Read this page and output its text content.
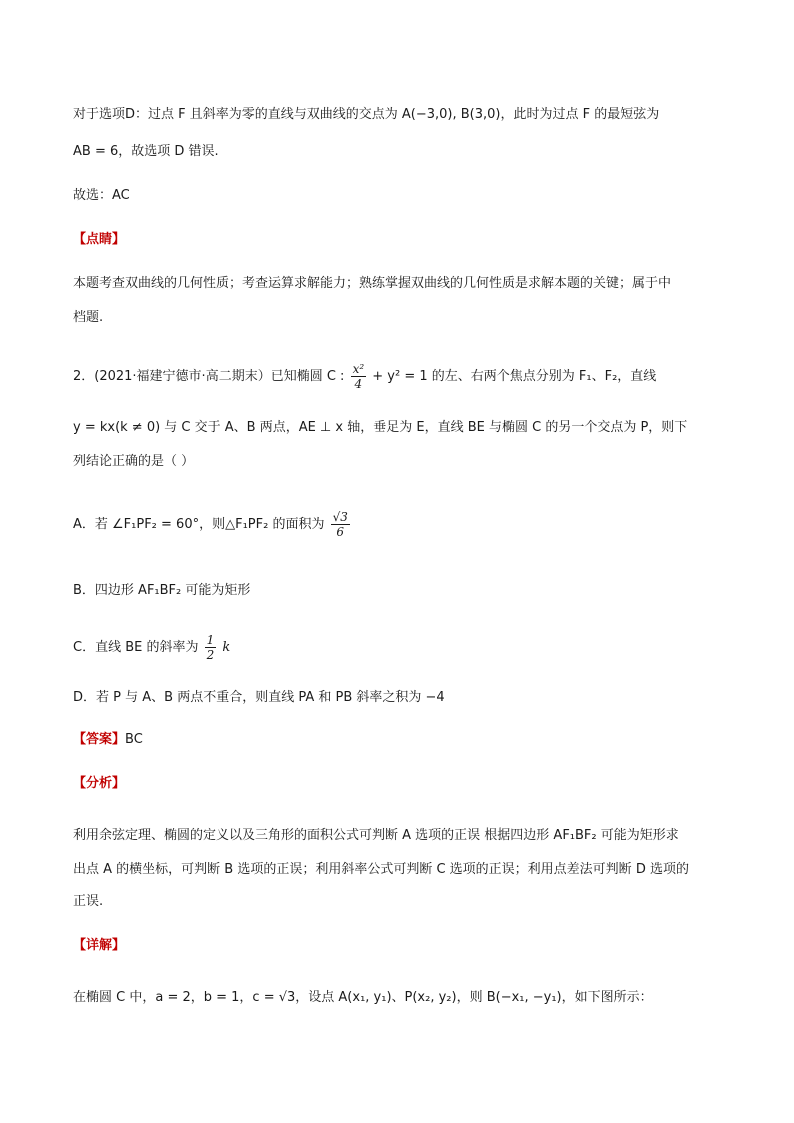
对于选项D：过点 F 且斜率为零的直线与双曲线的交点为 A(−3,0), B(3,0)，此时为过点 F 的最短弦为
AB = 6，故选项 D 错误.
故选：AC
【点睛】
本题考查双曲线的几何性质；考查运算求解能力；熟练掌握双曲线的几何性质是求解本题的关键；属于中
档题.
2．(2021·福建宁德市·高二期末）已知椭圆 C : $\frac{\text{x²}}{4} + y^2 = 1$ 的左、右两个焦点分别为 F₁、F₂，直线
y = kx(k ≠ 0) 与 C 交于 A、B 两点，AE ⊥ x 轴，垂足为 E，直线 BE 与椭圆 C 的另一个交点为 P，则下
列结论正确的是（ ）
A．若 ∠F₁PF₂ = 60°，则△F₁PF₂ 的面积为 $\frac{√3}{6}$
B．四边形 AF₁BF₂ 可能为矩形
C．直线 BE 的斜率为 $\frac{1}{2}$ k
D．若 P 与 A、B 两点不重合，则直线 PA 和 PB 斜率之积为 −4
【答案】BC
【分析】
利用余弦定理、椭圆的定义以及三角形的面积公式可判断 A 选项的正误 根据四边形 AF₁BF₂ 可能为矩形求
出点 A 的横坐标，可判断 B 选项的正误；利用斜率公式可判断 C 选项的正误；利用点差法可判断 D 选项的
正误.
【详解】
在椭圆 C 中，a = 2，b = 1，c = √3，设点 A(x₁, y₁)、P(x₂, y₂)，则 B(−x₁, −y₁)，如下图所示：
